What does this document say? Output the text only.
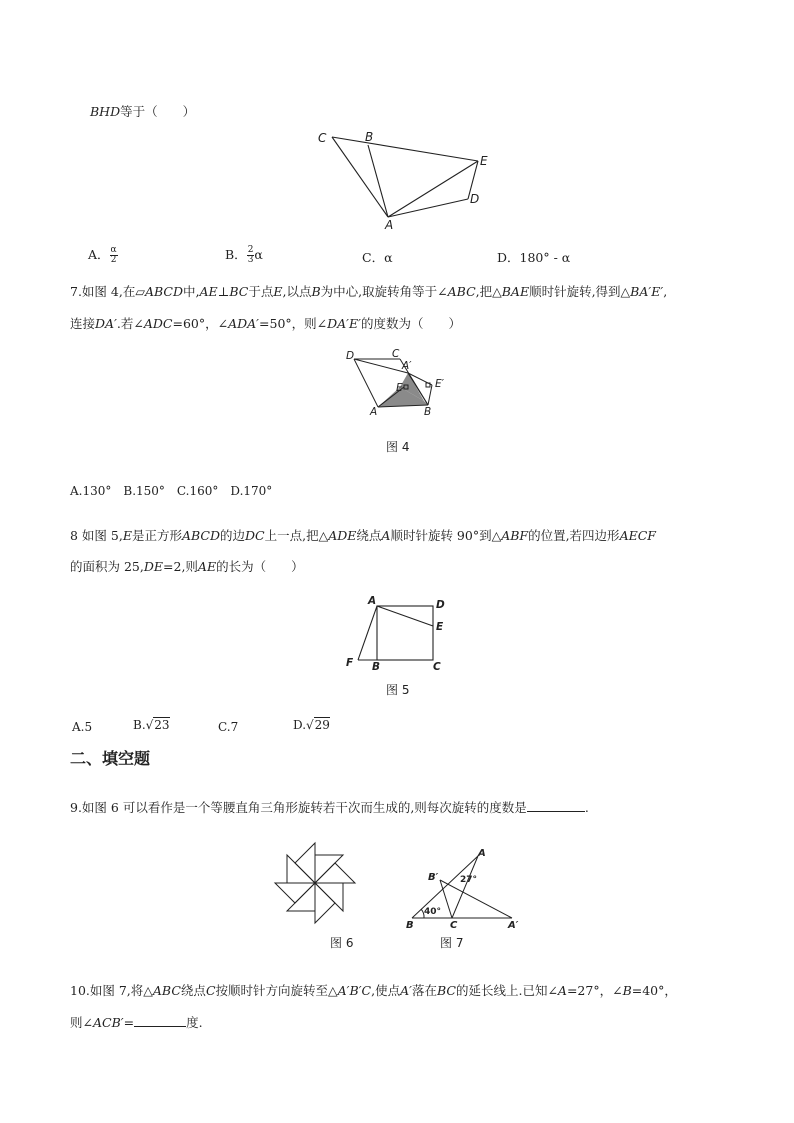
BHD等于（　　）
C	B
E
D
A
A． $\frac{\alpha}{2}$	B． $\frac{2}{3}$ α	C．α	D．180° - α
7.如图 4,在▱ABCD中,AE⊥BC于点E,以点B为中心,取旋转角等于∠ABC,把△BAE顺时针旋转,得到△BA′E′,
连接DA′.若∠ADC=60°，∠ADA′=50°，则∠DA′E′的度数为（　　）
D	C
A′
E	E′
A	B
图 4
A.130°　B.150°　C.160°　D.170°
8 如图 5,E是正方形ABCD的边DC上一点,把△ADE绕点A顺时针旋转 90°到△ABF的位置,若四边形AECF
的面积为 25,DE=2,则AE的长为（　　）
A	D
E
F B	C
图 5
A.5	B.√23	C.7	D.√29
二、填空题
9.如图 6 可以看作是一个等腰直角三角形旋转若干次而生成的,则每次旋转的度数是	.
图 6
A
B′ 27°
40°
B	C	A′
图 7
10.如图 7,将△ABC绕点C按顺时针方向旋转至△A′B′C,使点A′落在BC的延长线上.已知∠A=27°，∠B=40°，
则∠ACB′=	度.
